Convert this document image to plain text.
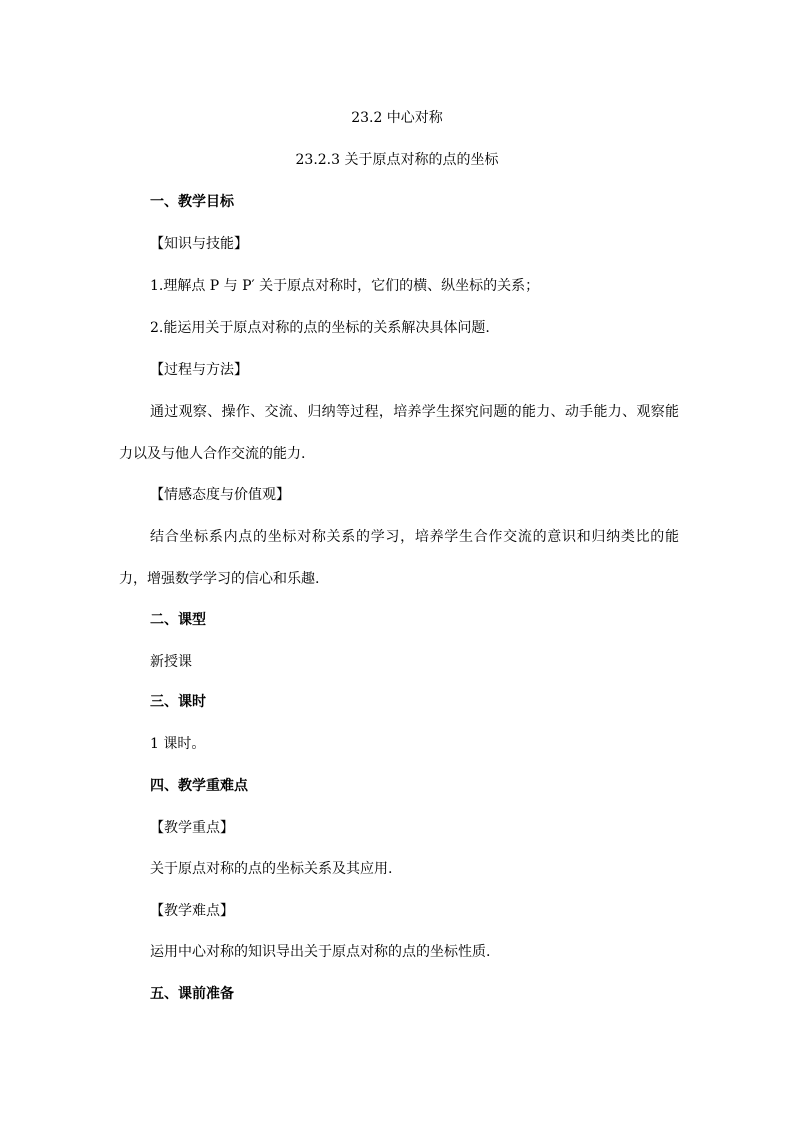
23.2 中心对称
23.2.3 关于原点对称的点的坐标
一、教学目标
【知识与技能】
1.理解点 P 与 P′ 关于原点对称时，它们的横、纵坐标的关系；
2.能运用关于原点对称的点的坐标的关系解决具体问题.
【过程与方法】
通过观察、操作、交流、归纳等过程，培养学生探究问题的能力、动手能力、观察能力以及与他人合作交流的能力.
【情感态度与价值观】
结合坐标系内点的坐标对称关系的学习，培养学生合作交流的意识和归纳类比的能力，增强数学学习的信心和乐趣.
二、课型
新授课
三、课时
1 课时。
四、教学重难点
【教学重点】
关于原点对称的点的坐标关系及其应用.
【教学难点】
运用中心对称的知识导出关于原点对称的点的坐标性质.
五、课前准备
